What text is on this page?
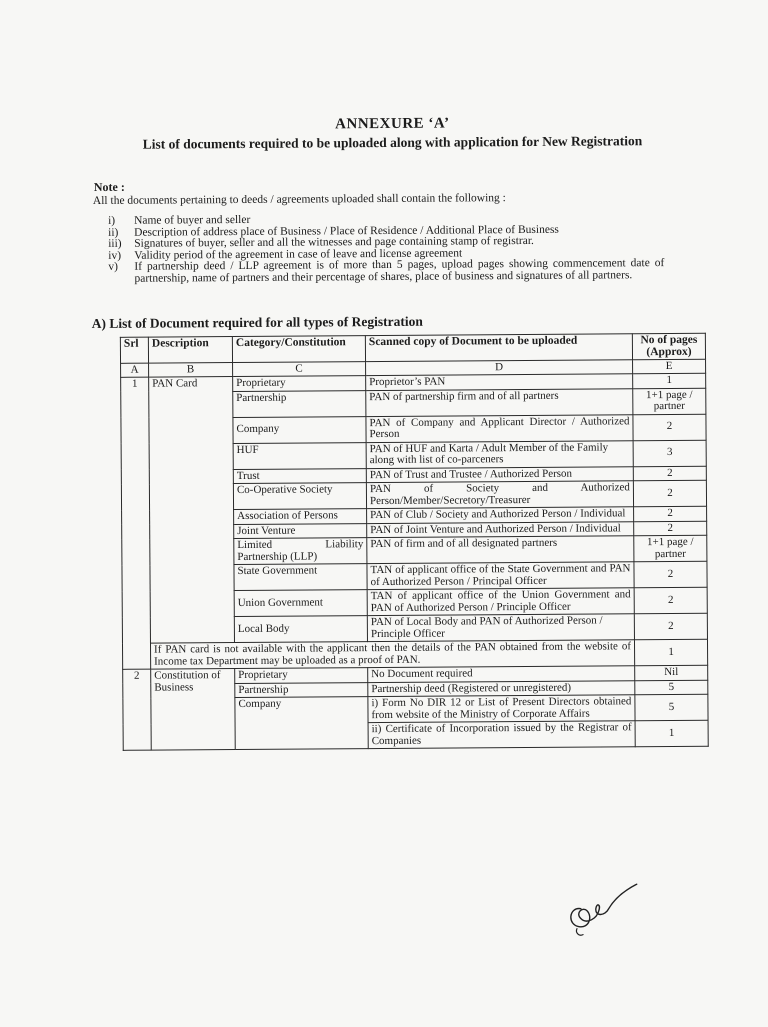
ANNEXURE ‘A’
List of documents required to be uploaded along with application for New Registration
Note :
All the documents pertaining to deeds / agreements uploaded shall contain the following :
i)	Name of buyer and seller
ii)	Description of address place of Business / Place of Residence / Additional Place of Business
iii)	Signatures of buyer, seller and all the witnesses and page containing stamp of registrar.
iv)	Validity period of the agreement in case of leave and license agreement
v)	If partnership deed / LLP agreement is of more than 5 pages, upload pages showing commencement date of partnership, name of partners and their percentage of shares, place of business and signatures of all partners.
A) List of Document required for all types of Registration
Srl	Description	Category/Constitution	Scanned copy of Document to be uploaded	No of pages (Approx)
A	B	C	D	E
1	PAN Card	Proprietary	Proprietor’s PAN	1
		Partnership	PAN of partnership firm and of all partners	1+1 page / partner
		Company	PAN of Company and Applicant Director / Authorized Person	2
		HUF	PAN of HUF and Karta / Adult Member of the Family along with list of co-parceners	3
		Trust	PAN of Trust and Trustee / Authorized Person	2
		Co-Operative Society	PAN of Society and Authorized Person/Member/Secretory/Treasurer	2
		Association of Persons	PAN of Club / Society and Authorized Person / Individual	2
		Joint Venture	PAN of Joint Venture and Authorized Person / Individual	2
		Limited Liability Partnership (LLP)	PAN of firm and of all designated partners	1+1 page / partner
		State Government	TAN of applicant office of the State Government and PAN of Authorized Person / Principal Officer	2
		Union Government	TAN of applicant office of the Union Government and PAN of Authorized Person / Principle Officer	2
		Local Body	PAN of Local Body and PAN of Authorized Person / Principle Officer	2
	If PAN card is not available with the applicant then the details of the PAN obtained from the website of Income tax Department may be uploaded as a proof of PAN.			1
2	Constitution of Business	Proprietary	No Document required	Nil
		Partnership	Partnership deed (Registered or unregistered)	5
		Company	i) Form No DIR 12 or List of Present Directors obtained from website of the Ministry of Corporate Affairs	5
			ii) Certificate of Incorporation issued by the Registrar of Companies	1
